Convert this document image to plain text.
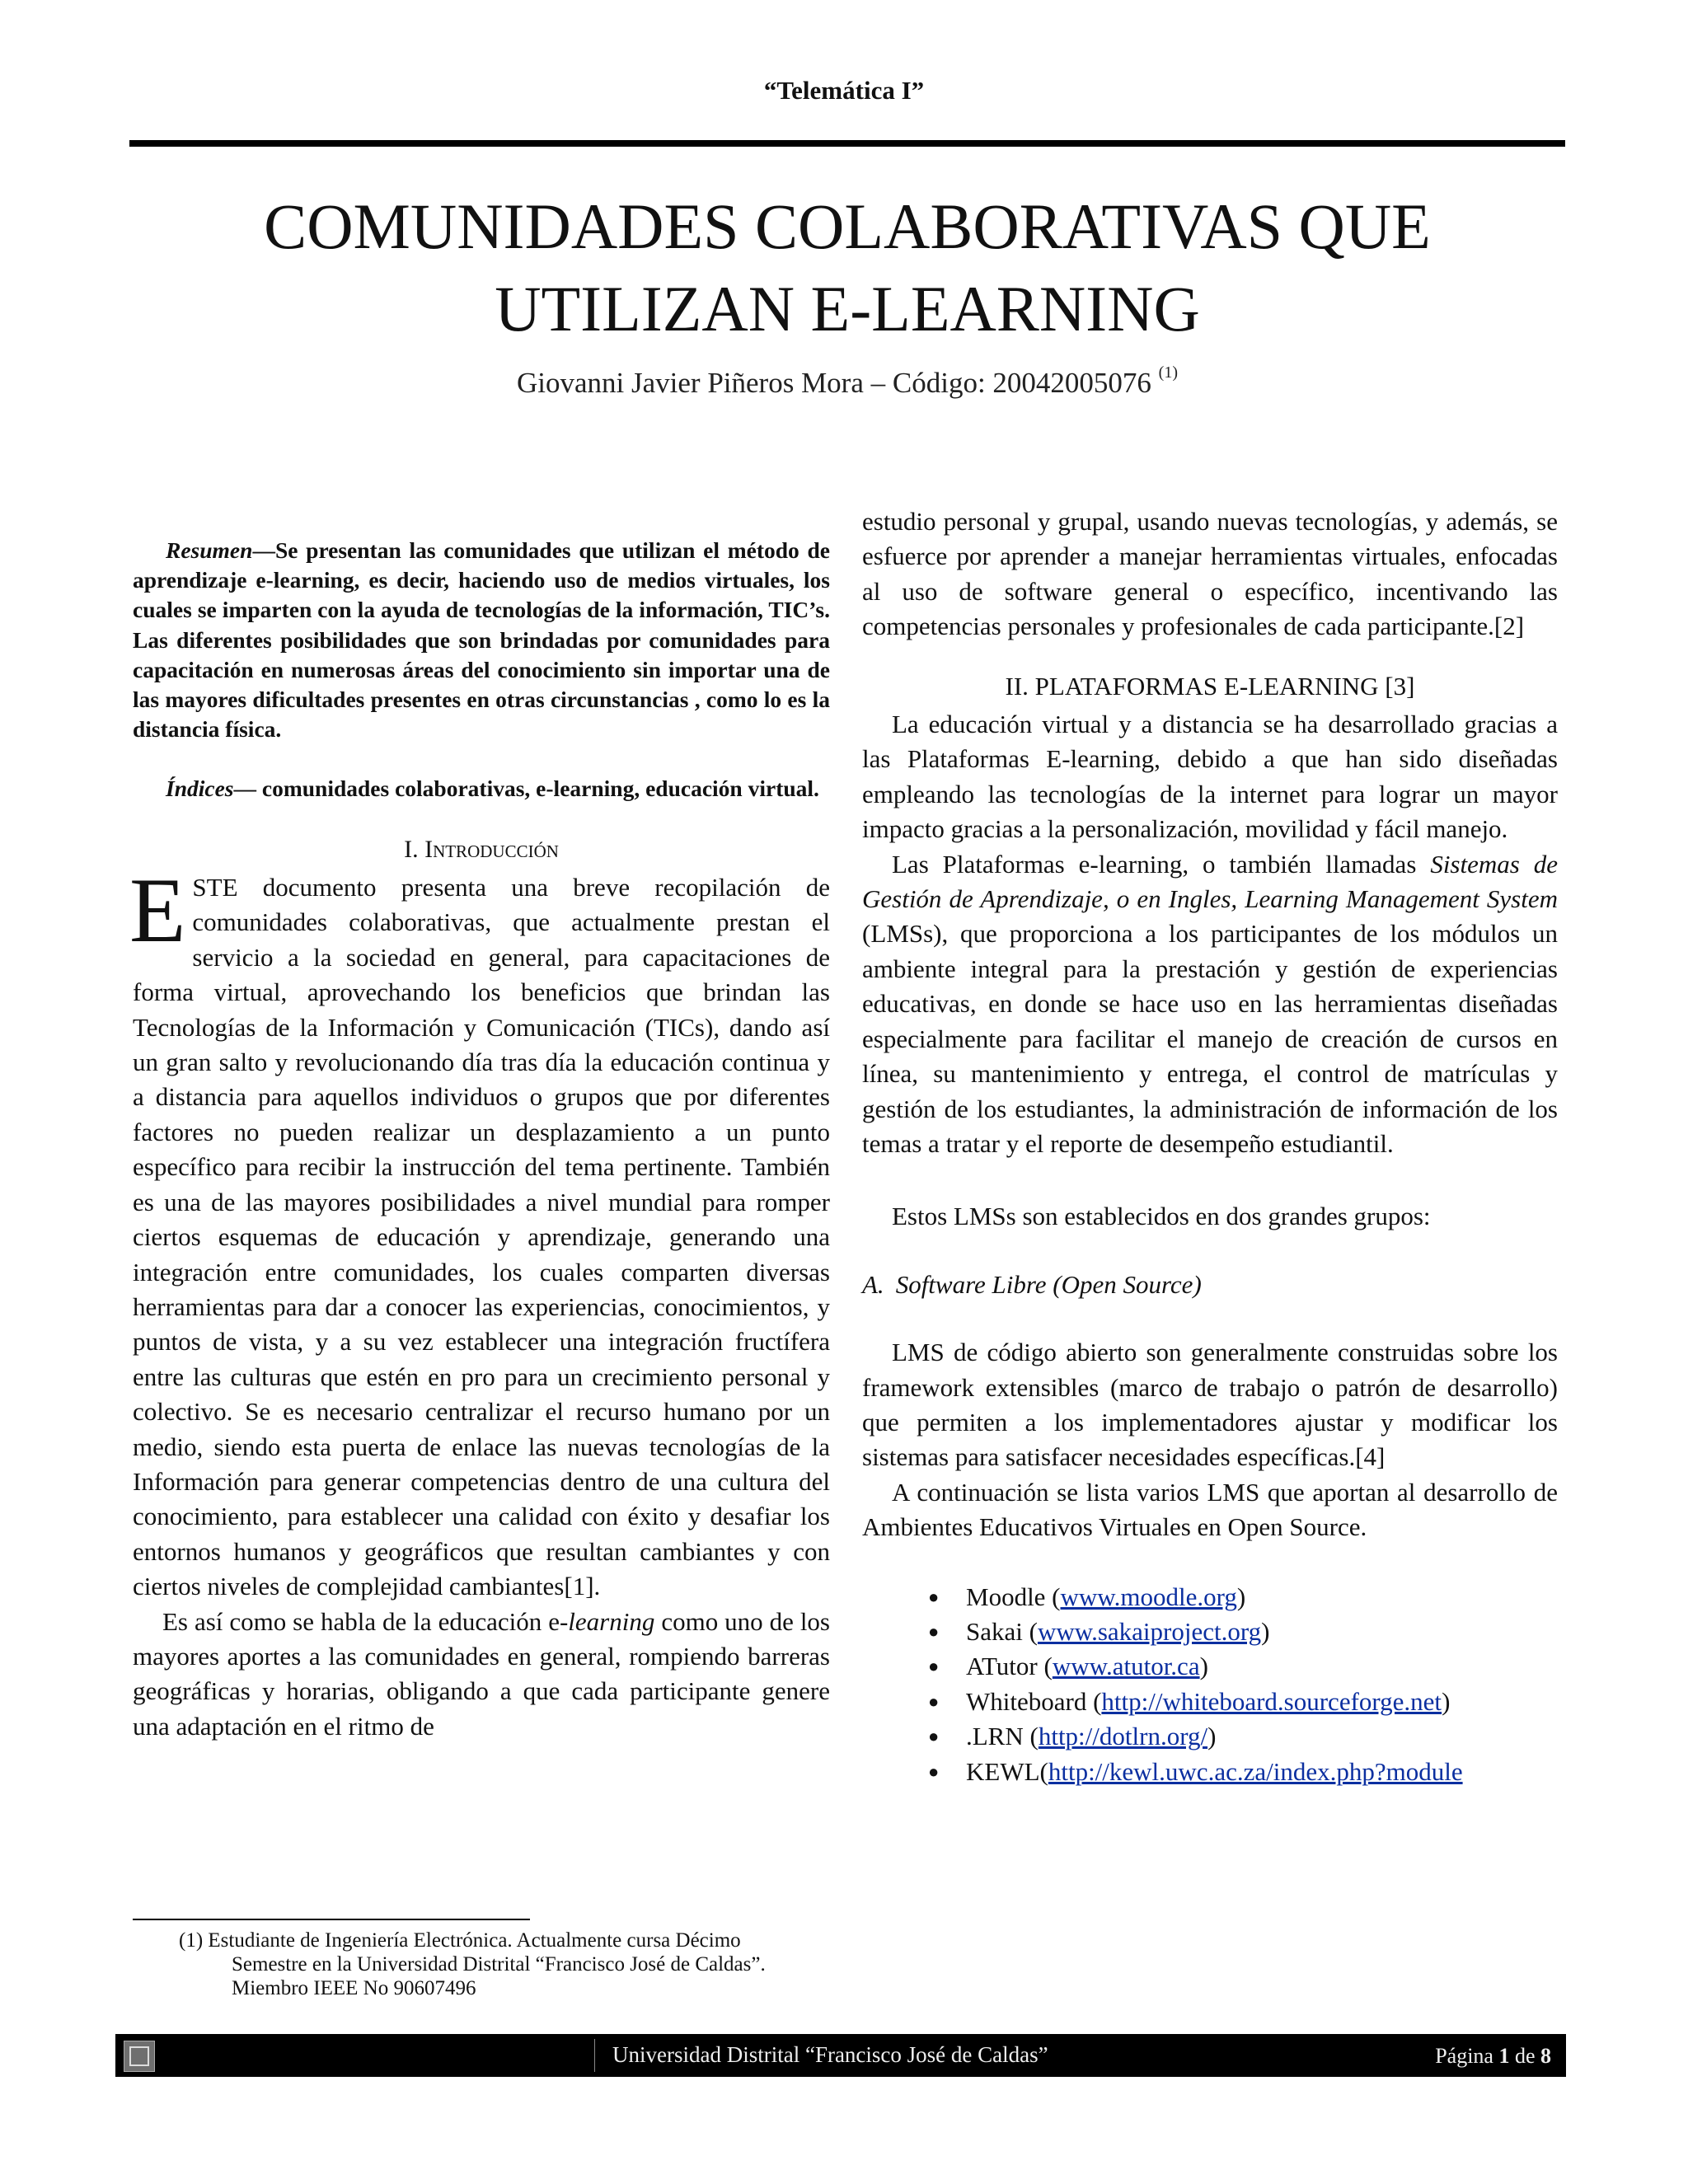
“Telemática I”
COMUNIDADES COLABORATIVAS QUE
UTILIZAN E-LEARNING
Giovanni Javier Piñeros Mora – Código: 20042005076 $^{(1)}$

Resumen—Se presentan las comunidades que utilizan el método de aprendizaje e-learning, es decir, haciendo uso de medios virtuales, los cuales se imparten con la ayuda de tecnologías de la información, TIC’s. Las diferentes posibilidades que son brindadas por comunidades para capacitación en numerosas áreas del conocimiento sin importar una de las mayores dificultades presentes en otras circunstancias , como lo es la distancia física.

Índices— comunidades colaborativas, e-learning, educación virtual.

I. Introducción

ESTE documento presenta una breve recopilación de comunidades colaborativas, que actualmente prestan el servicio a la sociedad en general, para capacitaciones de forma virtual, aprovechando los beneficios que brindan las Tecnologías de la Información y Comunicación (TICs), dando así un gran salto y revolucionando día tras día la educación continua y a distancia para aquellos individuos o grupos que por diferentes factores no pueden realizar un desplazamiento a un punto específico para recibir la instrucción del tema pertinente. También es una de las mayores posibilidades a nivel mundial para romper ciertos esquemas de educación y aprendizaje, generando una integración entre comunidades, los cuales comparten diversas herramientas para dar a conocer las experiencias, conocimientos, y puntos de vista, y a su vez establecer una integración fructífera entre las culturas que estén en pro para un crecimiento personal y colectivo. Se es necesario centralizar el recurso humano por un medio, siendo esta puerta de enlace las nuevas tecnologías de la Información para generar competencias dentro de una cultura del conocimiento, para establecer una calidad con éxito y desafiar los entornos humanos y geográficos que resultan cambiantes y con ciertos niveles de complejidad cambiantes[1].

Es así como se habla de la educación e-learning como uno de los mayores aportes a las comunidades en general, rompiendo barreras geográficas y horarias, obligando a que cada participante genere una adaptación en el ritmo de

estudio personal y grupal, usando nuevas tecnologías, y además, se esfuerce por aprender a manejar herramientas virtuales, enfocadas al uso de software general o específico, incentivando las competencias personales y profesionales de cada participante.[2]

II. PLATAFORMAS E-LEARNING [3]

La educación virtual y a distancia se ha desarrollado gracias a las Plataformas E-learning, debido a que han sido diseñadas empleando las tecnologías de la internet para lograr un mayor impacto gracias a la personalización, movilidad y fácil manejo.

Las Plataformas e-learning, o también llamadas Sistemas de Gestión de Aprendizaje, o en Ingles, Learning Management System (LMSs), que proporciona a los participantes de los módulos un ambiente integral para la prestación y gestión de experiencias educativas, en donde se hace uso en las herramientas diseñadas especialmente para facilitar el manejo de creación de cursos en línea, su mantenimiento y entrega, el control de matrículas y gestión de los estudiantes, la administración de información de los temas a tratar y el reporte de desempeño estudiantil.

Estos LMSs son establecidos en dos grandes grupos:

A. Software Libre (Open Source)

LMS de código abierto son generalmente construidas sobre los framework extensibles (marco de trabajo o patrón de desarrollo) que permiten a los implementadores ajustar y modificar los sistemas para satisfacer necesidades específicas.[4]

A continuación se lista varios LMS que aportan al desarrollo de Ambientes Educativos Virtuales en Open Source.

● Moodle (www.moodle.org)
● Sakai (www.sakaiproject.org)
● ATutor (www.atutor.ca)
● Whiteboard (http://whiteboard.sourceforge.net)
● .LRN (http://dotlrn.org/)
● KEWL(http://kewl.uwc.ac.za/index.php?module
(1) Estudiante de Ingeniería Electrónica. Actualmente cursa Décimo
Semestre en la Universidad Distrital “Francisco José de Caldas”.
Miembro IEEE No 90607496
Universidad Distrital “Francisco José de Caldas”	Página 1 de 8
